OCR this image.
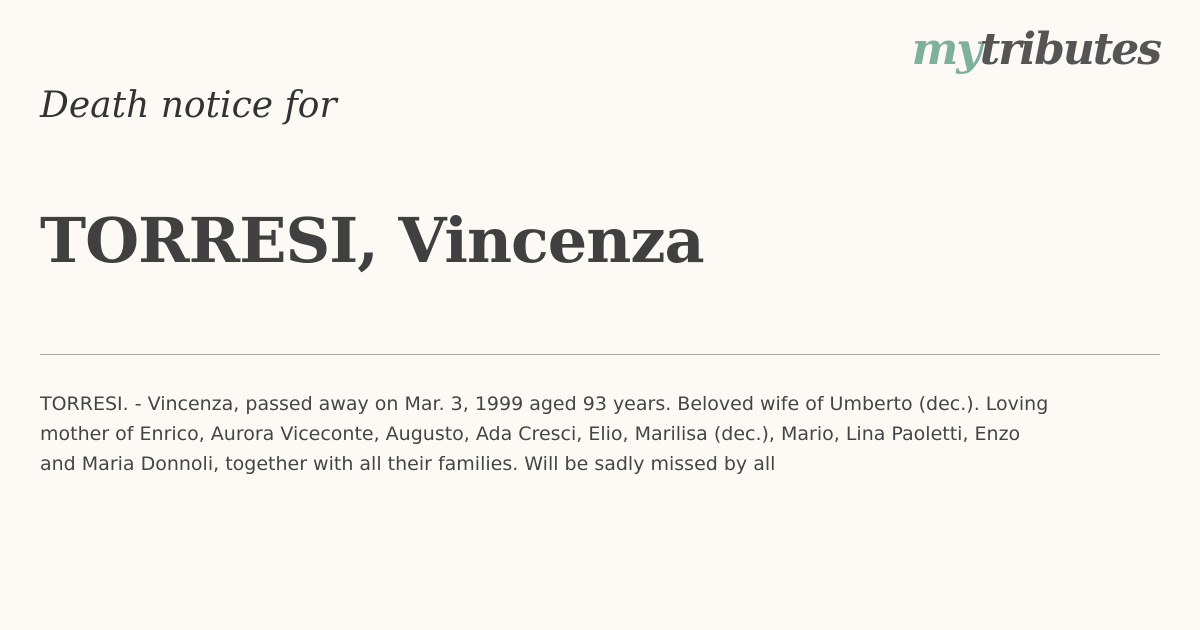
mytributes
Death notice for
TORRESI, Vincenza

TORRESI. - Vincenza, passed away on Mar. 3, 1999 aged 93 years. Beloved wife of Umberto (dec.). Loving
mother of Enrico, Aurora Viceconte, Augusto, Ada Cresci, Elio, Marilisa (dec.), Mario, Lina Paoletti, Enzo
and Maria Donnoli, together with all their families. Will be sadly missed by all
